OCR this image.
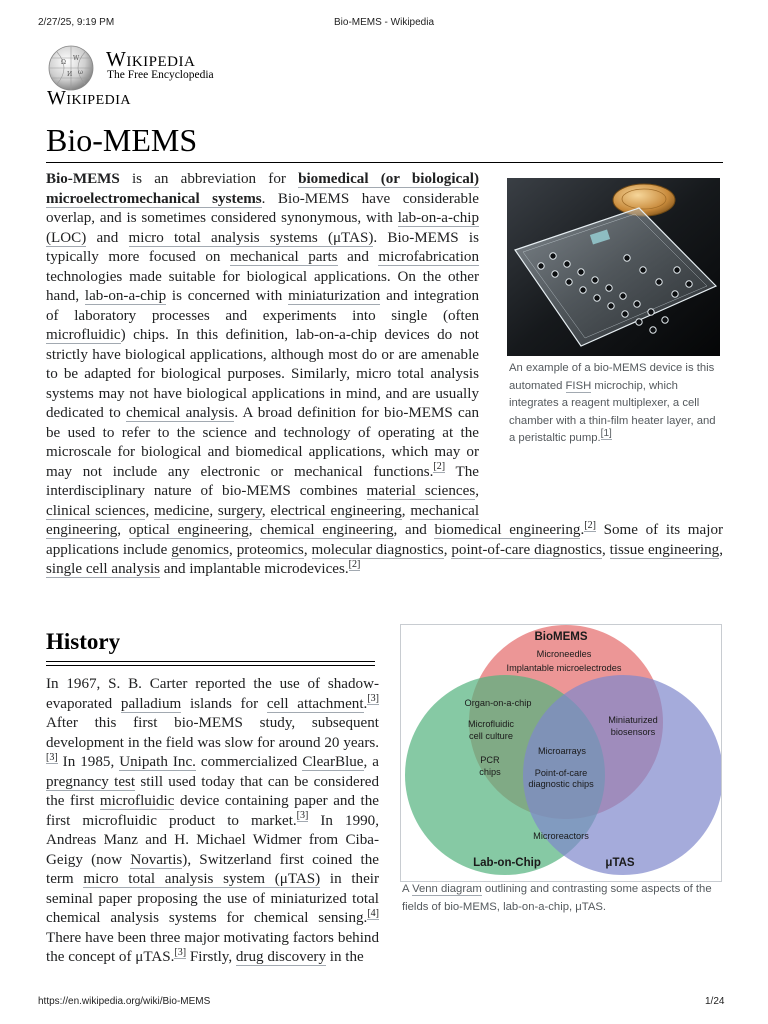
2/27/25, 9:19 PM	Bio-MEMS - Wikipedia
Ω
W
И ω
Wikipedia
The Free Encyclopedia
Wikipedia
Bio-MEMS
An example of a bio-MEMS device is this automated FISH microchip, which integrates a reagent multiplexer, a cell chamber with a thin-film heater layer, and a peristaltic pump.[1]

Bio-MEMS is an abbreviation for biomedical (or biological) microelectromechanical systems. Bio-MEMS have considerable overlap, and is sometimes considered synonymous, with lab-on-a-chip (LOC) and micro total analysis systems (μTAS). Bio-MEMS is typically more focused on mechanical parts and microfabrication technologies made suitable for biological applications. On the other hand, lab-on-a-chip is concerned with miniaturization and integration of laboratory processes and experiments into single (often microfluidic) chips. In this definition, lab-on-a-chip devices do not strictly have biological applications, although most do or are amenable to be adapted for biological purposes. Similarly, micro total analysis systems may not have biological applications in mind, and are usually dedicated to chemical analysis. A broad definition for bio-MEMS can be used to refer to the science and technology of operating at the microscale for biological and biomedical applications, which may or may not include any electronic or mechanical functions.[2] The interdisciplinary nature of bio-MEMS combines material sciences, clinical sciences, medicine, surgery, electrical engineering, mechanical engineering, optical engineering, chemical engineering, and biomedical engineering.[2] Some of its major applications include genomics, proteomics, molecular diagnostics, point-of-care diagnostics, tissue engineering, single cell analysis and implantable microdevices.[2]

History	BioMEMS
Microneedles
Implantable microelectrodes
Organ-on-a-chip
Microfluidic
cell culture
Miniaturized
biosensors
Microarrays
PCR
chips	Point-of-care
diagnostic chips
Microreactors
Lab-on-Chip	μTAS
A Venn diagram outlining and contrasting some aspects of the fields of bio-MEMS, lab-on-a-chip, μTAS.

In 1967, S. B. Carter reported the use of shadow-evaporated palladium islands for cell attachment.[3] After this first bio-MEMS study, subsequent development in the field was slow for around 20 years.[3] In 1985, Unipath Inc. commercialized ClearBlue, a pregnancy test still used today that can be considered the first microfluidic device containing paper and the first microfluidic product to market.[3] In 1990, Andreas Manz and H. Michael Widmer from Ciba-Geigy (now Novartis), Switzerland first coined the term micro total analysis system (μTAS) in their seminal paper proposing the use of miniaturized total chemical analysis systems for chemical sensing.[4] There have been three major motivating factors behind the concept of μTAS.[3] Firstly, drug discovery in the

https://en.wikipedia.org/wiki/Bio-MEMS	1/24
